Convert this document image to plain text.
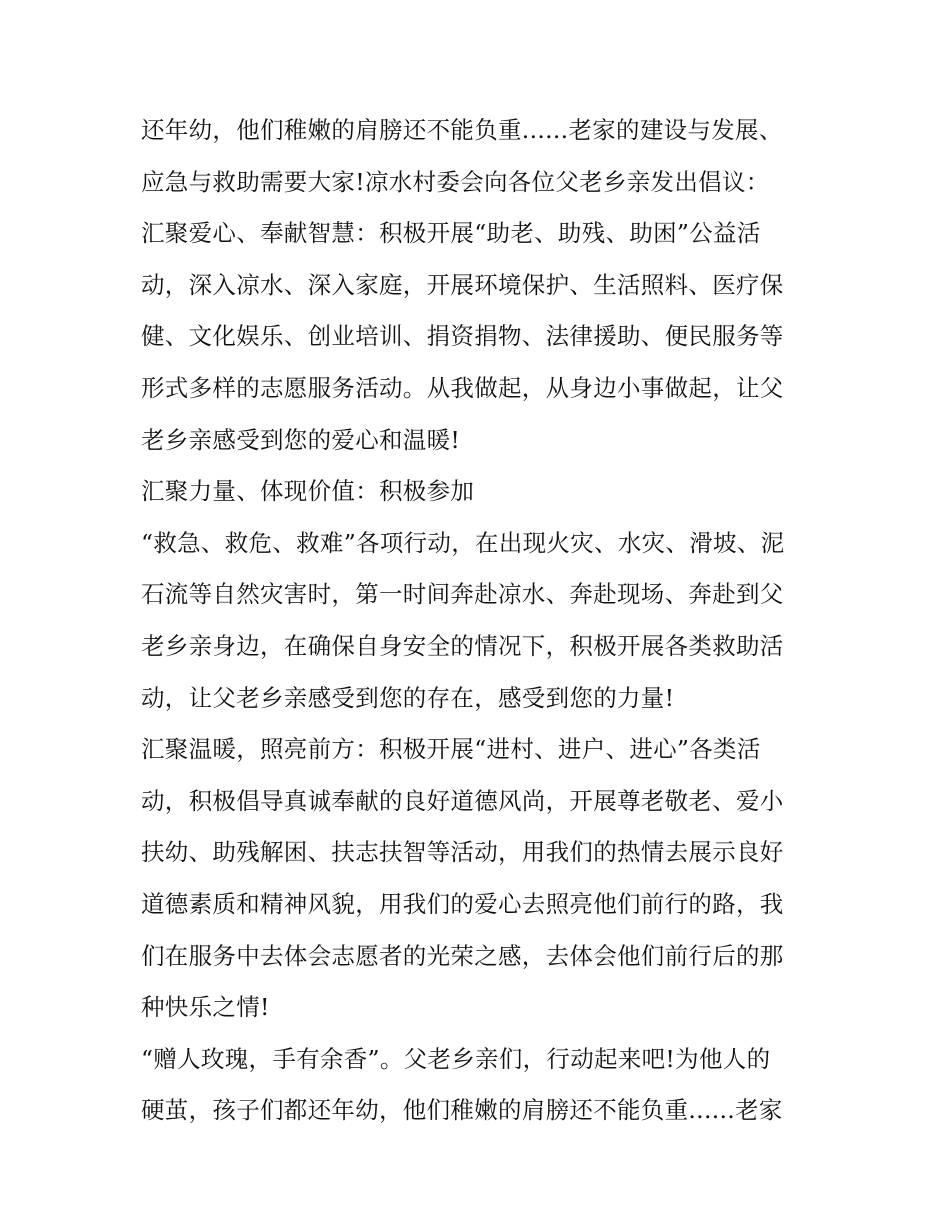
还年幼，他们稚嫩的肩膀还不能负重......老家的建设与发展、
应急与救助需要大家!凉水村委会向各位父老乡亲发出倡议：
汇聚爱心、奉献智慧：积极开展“助老、助残、助困”公益活
动，深入凉水、深入家庭，开展环境保护、生活照料、医疗保
健、文化娱乐、创业培训、捐资捐物、法律援助、便民服务等
形式多样的志愿服务活动。从我做起，从身边小事做起，让父
老乡亲感受到您的爱心和温暖!
汇聚力量、体现价值：积极参加
“救急、救危、救难”各项行动，在出现火灾、水灾、滑坡、泥
石流等自然灾害时，第一时间奔赴凉水、奔赴现场、奔赴到父
老乡亲身边，在确保自身安全的情况下，积极开展各类救助活
动，让父老乡亲感受到您的存在，感受到您的力量!
汇聚温暖，照亮前方：积极开展“进村、进户、进心”各类活
动，积极倡导真诚奉献的良好道德风尚，开展尊老敬老、爱小
扶幼、助残解困、扶志扶智等活动，用我们的热情去展示良好
道德素质和精神风貌，用我们的爱心去照亮他们前行的路，我
们在服务中去体会志愿者的光荣之感，去体会他们前行后的那
种快乐之情!
“赠人玫瑰，手有余香”。父老乡亲们，行动起来吧!为他人的
硬茧，孩子们都还年幼，他们稚嫩的肩膀还不能负重......老家
